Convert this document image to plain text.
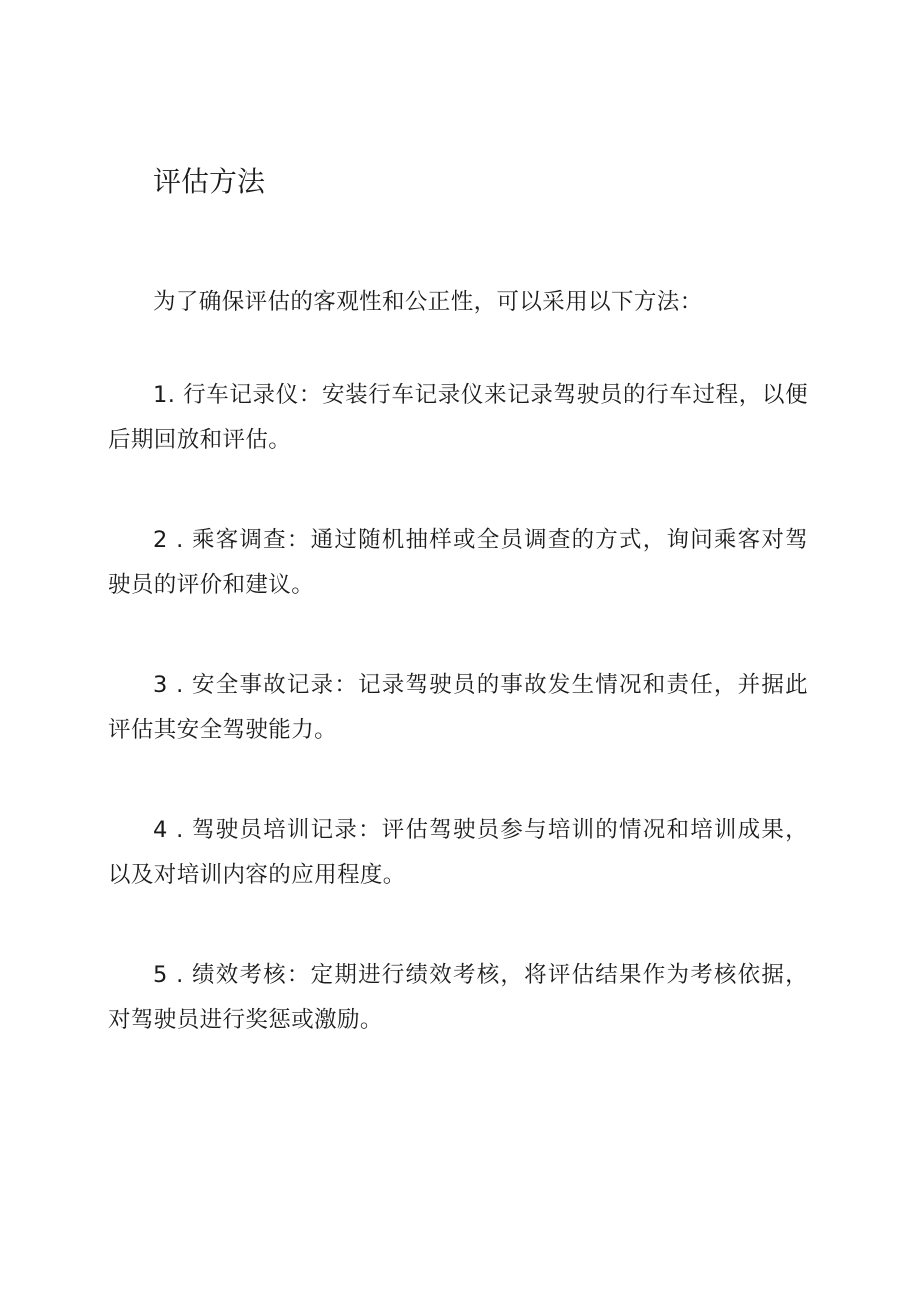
评估方法

为了确保评估的客观性和公正性，可以采用以下方法：

1. 行车记录仪：安装行车记录仪来记录驾驶员的行车过程，以便后期回放和评估。

2 . 乘客调查：通过随机抽样或全员调查的方式，询问乘客对驾驶员的评价和建议。

3 . 安全事故记录：记录驾驶员的事故发生情况和责任，并据此评估其安全驾驶能力。

4 . 驾驶员培训记录：评估驾驶员参与培训的情况和培训成果，以及对培训内容的应用程度。

5 . 绩效考核：定期进行绩效考核，将评估结果作为考核依据，对驾驶员进行奖惩或激励。
